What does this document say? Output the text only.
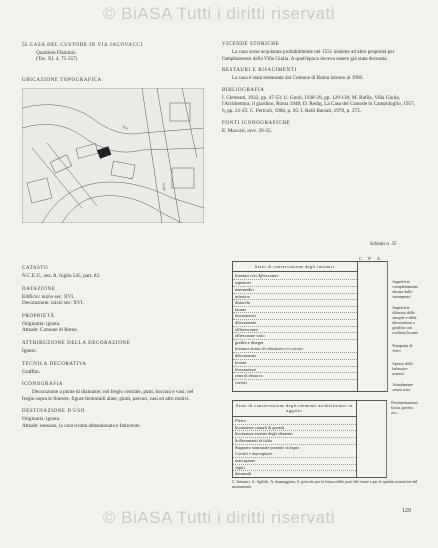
© BiASA Tutti i diritti riservati
© BiASA Tutti i diritti riservati
55. CASA DEL CUSTODE IN VIA JACOVACCI
Quartiere Flaminio
(Tav. XI, 4, 75-357)
UBICAZIONE TOPOGRAFICA
Via
Viale
VICENDE STORICHE
La casa sorse acquistata probabilmente nel 1551 insieme ad altre proprietà per l'ampliamento della Villa Giulia. A quell'epoca doveva essere già stata decorata.
RESTAURI E RIFACIMENTI
La casa è stata restaurata dal Comune di Roma intorno al 1960.
BIBLIOGRAFIA
I. Clementi, 1932, pp. 47-53; U. Gnoli, 1938-39, pp. 129-130; M. Bafile, Villa Giulia, l'Architettura, il giardino, Roma 1948; D. Redig, La Casa del Custode in Campidoglio, 1957, 6, pp. 21-25; C. Pericoli, 1960, p. 95; I. Belli Barsali, 1970, p. 373.
FONTI ICONOGRAFICHE
E. Maccari, tavv. 26-32.
Scheda n. 35
CATASTO
N.C.E.U., sez. A, foglio 545, part. 83.
DATAZIONE
Edificio: inizio sec. XVI.
Decorazione: inizio sec. XVI.
PROPRIETÀ
Originaria: ignota.
Attuale: Comune di Roma.
ATTRIBUZIONE DELLA DECORAZIONE
Ignoto.
TECNICA DECORATIVA
Graffito.
ICONOGRAFIA
Decorazione a punte di diamante; nel fregio centrale, putti, bucrani e vasi; nel fregio sopra le finestre, figure femminili alate, girali, pavoni, vasi ed altri motivi.
DESTINAZIONE D'USO
Originaria: ignota.
Attuale: nessuna, la casa risulta abbandonata e fatiscente.
C	P	A
Stato di conservazione degli intonaci
Intonaci con Affrescature
superiore
intermedio
inferiore
distacchi
lacune
fessurazioni
dilavamento
efflorescenze
affrescature sotto
graffiti e disegni
Intonaci dotati di coloritura e/o cornici
dilavamento
lesioni
fessurazioni
zone di distacco
cornici
Superficie completamente abrasa dalle intemperie
Superficie dilavata delle sinopie e delle decorazioni a graffito con evidenti lacune
Parapetto di ferro
Spesso delle balaustre assenti
Attualmente senza tetto
Stato di conservazione degli elementi architettonici in aggetto
Pietra
Incrinature casuali di gronda
Incrinature esterne degli elementi
Sollevamenti di falda
Supporto strutturale portante in legno
Cornici e marcapiani
marcapiano
stipiti
davanzali
Pavimentazione liscia, pavim. ecc.
C: Intonaci. A: Agibile, A: danneggiato, S: pericolo per la lettura delle parti del fronte e per le qualità costruttive del monumento.
129
